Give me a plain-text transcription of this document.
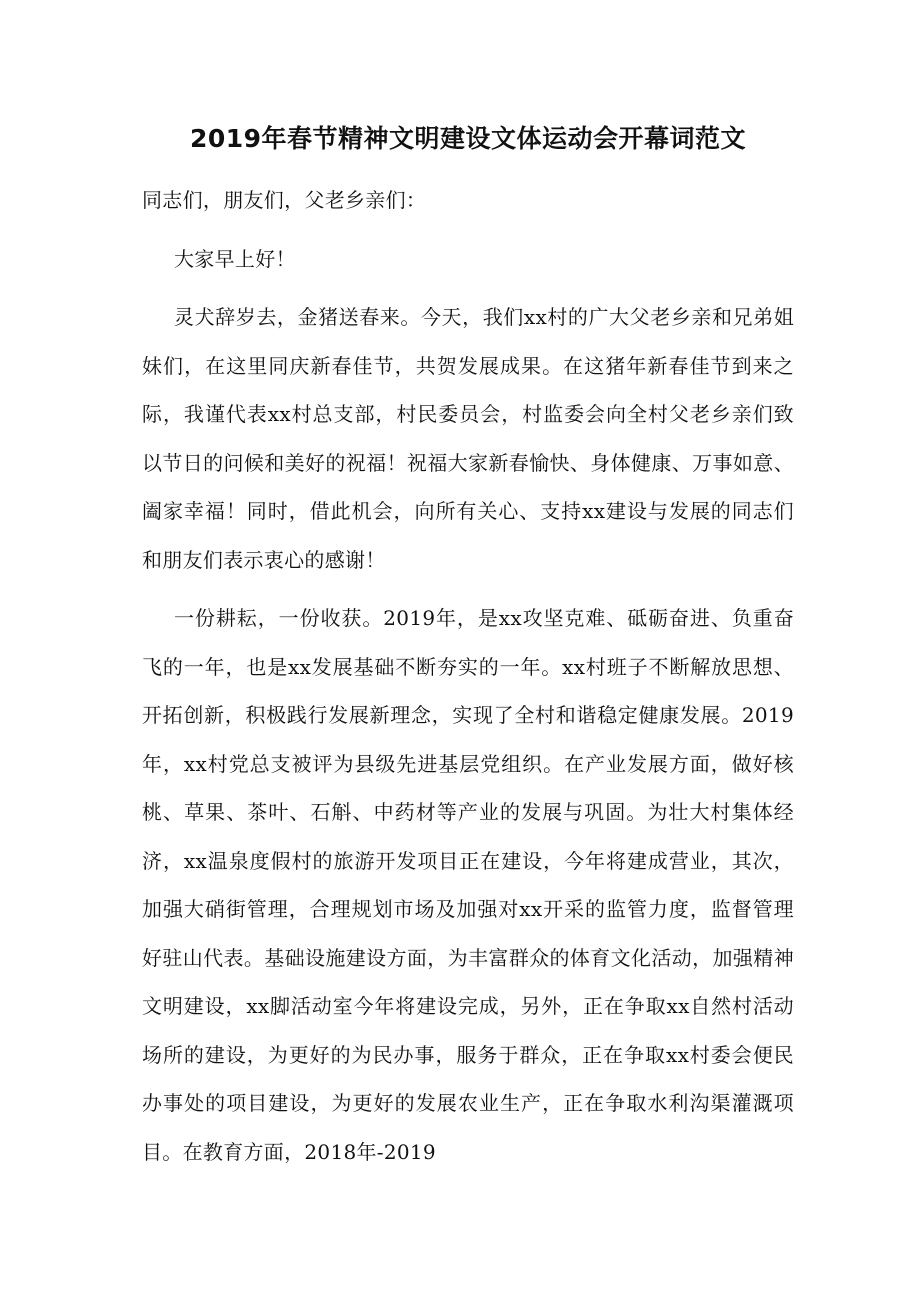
2019年春节精神文明建设文体运动会开幕词范文

同志们，朋友们，父老乡亲们：

大家早上好！

灵犬辞岁去，金猪送春来。今天，我们xx村的广大父老乡亲和兄弟姐妹们，在这里同庆新春佳节，共贺发展成果。在这猪年新春佳节到来之际，我谨代表xx村总支部，村民委员会，村监委会向全村父老乡亲们致以节日的问候和美好的祝福！祝福大家新春愉快、身体健康、万事如意、阖家幸福！同时，借此机会，向所有关心、支持xx建设与发展的同志们和朋友们表示衷心的感谢！

一份耕耘，一份收获。2019年，是xx攻坚克难、砥砺奋进、负重奋飞的一年，也是xx发展基础不断夯实的一年。xx村班子不断解放思想、开拓创新，积极践行发展新理念，实现了全村和谐稳定健康发展。2019年，xx村党总支被评为县级先进基层党组织。在产业发展方面，做好核桃、草果、茶叶、石斛、中药材等产业的发展与巩固。为壮大村集体经济，xx温泉度假村的旅游开发项目正在建设，今年将建成营业，其次，加强大硝街管理，合理规划市场及加强对xx开采的监管力度，监督管理好驻山代表。基础设施建设方面，为丰富群众的体育文化活动，加强精神文明建设，xx脚活动室今年将建设完成，另外，正在争取xx自然村活动场所的建设，为更好的为民办事，服务于群众，正在争取xx村委会便民办事处的项目建设，为更好的发展农业生产，正在争取水利沟渠灌溉项目。在教育方面，2018年-2019
